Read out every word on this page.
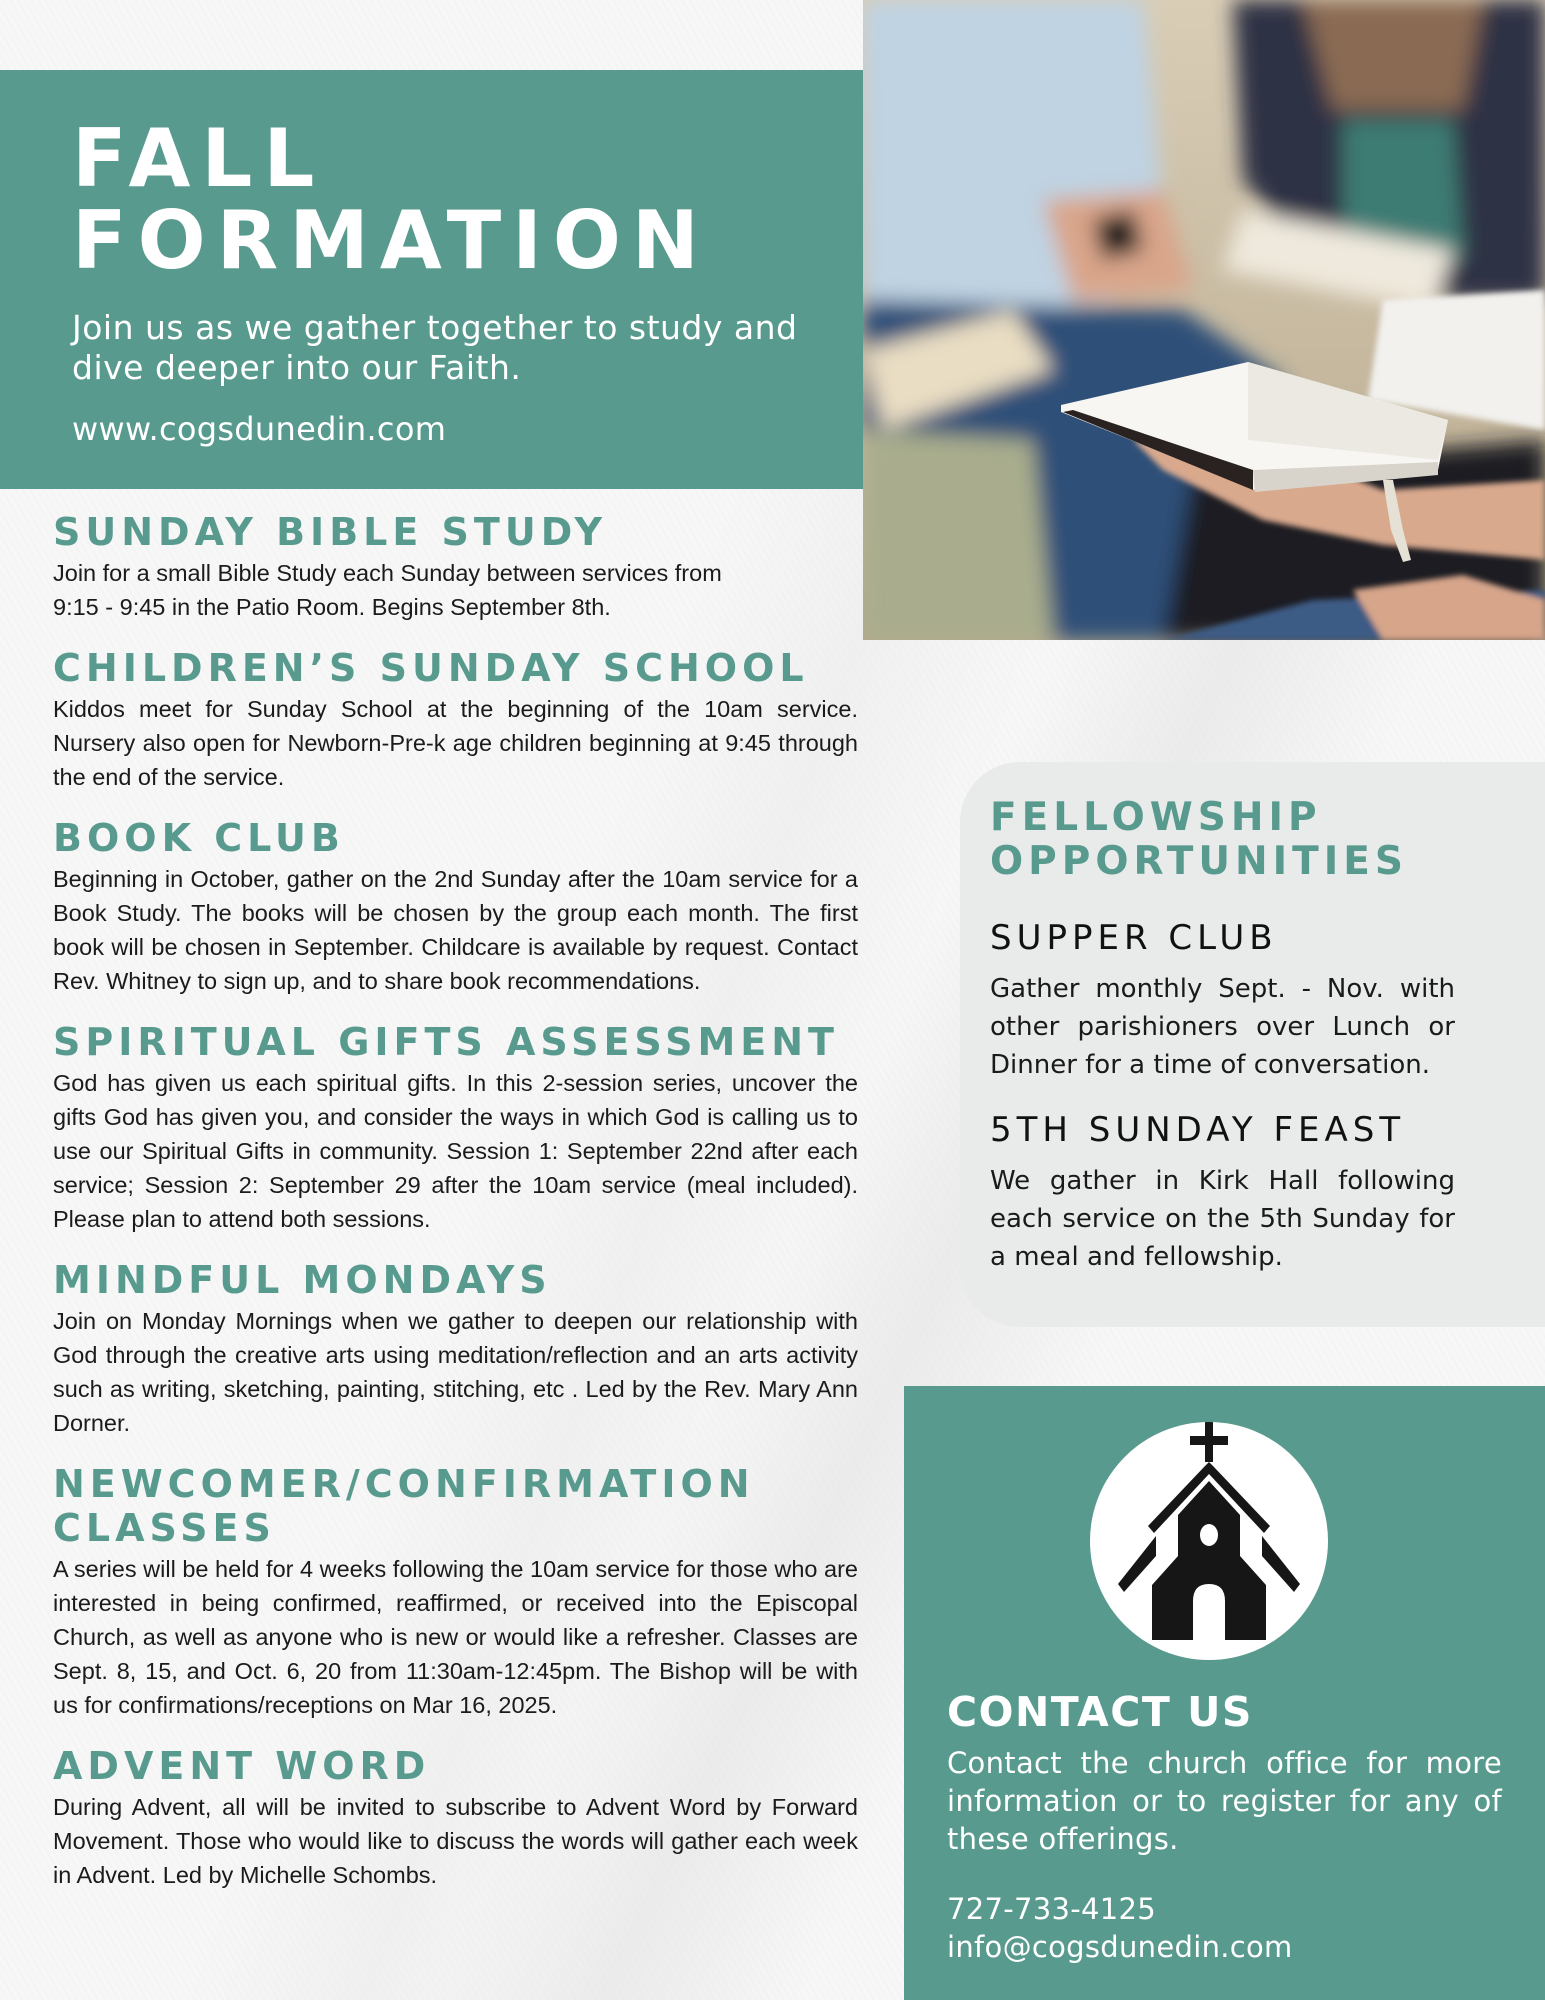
FALL
FORMATION
Join us as we gather together to study and dive deeper into our Faith.
www.cogsdunedin.com
SUNDAY BIBLE STUDY

Join for a small Bible Study each Sunday between services from 9:15 - 9:45 in the Patio Room. Begins September 8th.

CHILDREN’S SUNDAY SCHOOL

Kiddos meet for Sunday School at the beginning of the 10am service. Nursery also open for Newborn-Pre-k age children beginning at 9:45 through the end of the service.

BOOK CLUB

Beginning in October, gather on the 2nd Sunday after the 10am service for a Book Study. The books will be chosen by the group each month. The first book will be chosen in September. Childcare is available by request. Contact Rev. Whitney to sign up, and to share book recommendations.

SPIRITUAL GIFTS ASSESSMENT

God has given us each spiritual gifts. In this 2-session series, uncover the gifts God has given you, and consider the ways in which God is calling us to use our Spiritual Gifts in community. Session 1: September 22nd after each service; Session 2: September 29 after the 10am service (meal included). Please plan to attend both sessions.

MINDFUL MONDAYS

Join on Monday Mornings when we gather to deepen our relationship with God through the creative arts using meditation/reflection and an arts activity such as writing, sketching, painting, stitching, etc . Led by the Rev. Mary Ann Dorner.

NEWCOMER/CONFIRMATION CLASSES

A series will be held for 4 weeks following the 10am service for those who are interested in being confirmed, reaffirmed, or received into the Episcopal Church, as well as anyone who is new or would like a refresher. Classes are Sept. 8, 15, and Oct. 6, 20 from 11:30am-12:45pm. The Bishop will be with us for confirmations/receptions on Mar 16, 2025.

ADVENT WORD

During Advent, all will be invited to subscribe to Advent Word by Forward Movement. Those who would like to discuss the words will gather each week in Advent. Led by Michelle Schombs.

FELLOWSHIP
OPPORTUNITIES
SUPPER CLUB

Gather monthly Sept. - Nov. with other parishioners over Lunch or Dinner for a time of conversation.

5TH SUNDAY FEAST

We gather in Kirk Hall following each service on the 5th Sunday for a meal and fellowship.

CONTACT US

Contact the church office for more information or to register for any of these offerings.

727-733-4125
info@cogsdunedin.com
